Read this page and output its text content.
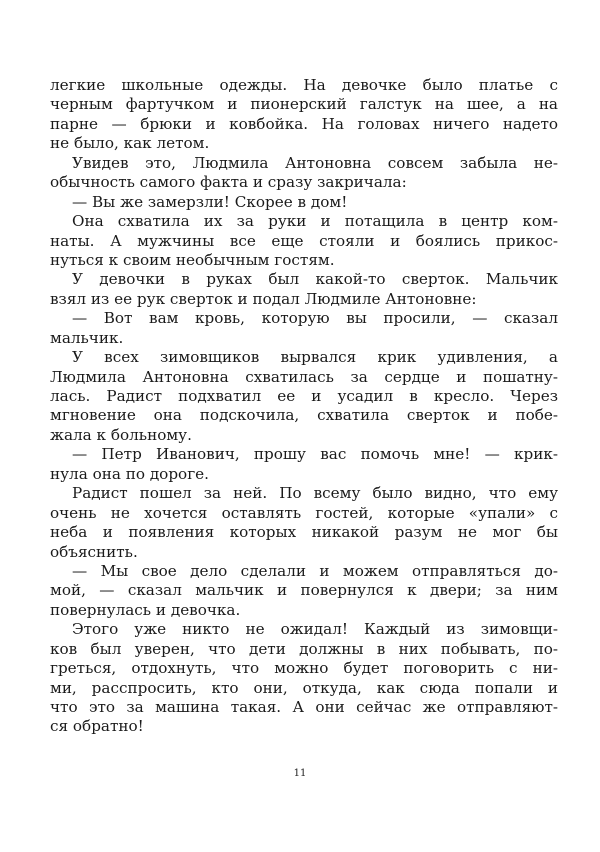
легкие школьные одежды. На девочке было платье с
черным фартучком и пионерский галстук на шее, а на
парне — брюки и ковбойка. На головах ничего надето
не было, как летом.
Увидев это, Людмила Антоновна совсем забыла не-
обычность самого факта и сразу закричала:
— Вы же замерзли! Скорее в дом!
Она схватила их за руки и потащила в центр ком-
наты. А мужчины все еще стояли и боялись прикос-
нуться к своим необычным гостям.
У девочки в руках был какой-то сверток. Мальчик
взял из ее рук сверток и подал Людмиле Антоновне:
— Вот вам кровь, которую вы просили, — сказал
мальчик.
У всех зимовщиков вырвался крик удивления, а
Людмила Антоновна схватилась за сердце и пошатну-
лась. Радист подхватил ее и усадил в кресло. Через
мгновение она подскочила, схватила сверток и побе-
жала к больному.
— Петр Иванович, прошу вас помочь мне! — крик-
нула она по дороге.
Радист пошел за ней. По всему было видно, что ему
очень не хочется оставлять гостей, которые «упали» с
неба и появления которых никакой разум не мог бы
объяснить.
— Мы свое дело сделали и можем отправляться до-
мой, — сказал мальчик и повернулся к двери; за ним
повернулась и девочка.
Этого уже никто не ожидал! Каждый из зимовщи-
ков был уверен, что дети должны в них побывать, по-
греться, отдохнуть, что можно будет поговорить с ни-
ми, расспросить, кто они, откуда, как сюда попали и
что это за машина такая. А они сейчас же отправляют-
ся обратно!
11
